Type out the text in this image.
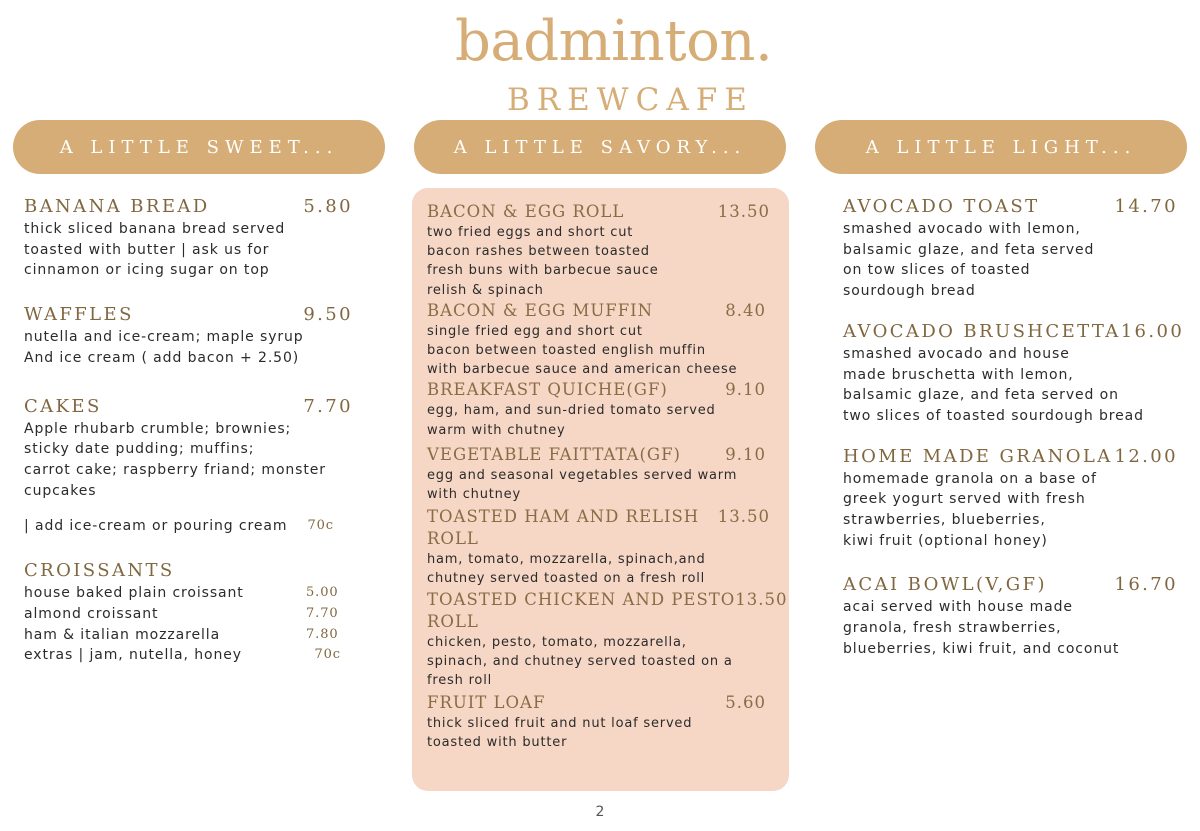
badminton.
BREWCAFE
A LITTLE SWEET...	A LITTLE SAVORY...	A LITTLE LIGHT...
BANANA BREAD	5.80
thick sliced banana bread served
toasted with butter | ask us for
cinnamon or icing sugar on top
WAFFLES	9.50
nutella and ice-cream; maple syrup
And ice cream ( add bacon + 2.50)
CAKES	7.70
Apple rhubarb crumble; brownies;
sticky date pudding; muffins;
carrot cake; raspberry friand; monster
cupcakes
| add ice-cream or pouring cream 70c
CROISSANTS
house baked plain croissant	5.00
almond croissant	7.70
ham & italian mozzarella	7.80
extras | jam, nutella, honey	70c
BACON & EGG ROLL	13.50
two fried eggs and short cut
bacon rashes between toasted
fresh buns with barbecue sauce
relish & spinach
BACON & EGG MUFFIN	8.40
single fried egg and short cut
bacon between toasted english muffin
with barbecue sauce and american cheese
BREAKFAST QUICHE(GF)	9.10
egg, ham, and sun-dried tomato served
warm with chutney
VEGETABLE FAITTATA(GF)	9.10
egg and seasonal vegetables served warm
with chutney
TOASTED HAM AND RELISH 13.50
ROLL
ham, tomato, mozzarella, spinach,and
chutney served toasted on a fresh roll
TOASTED CHICKEN AND PESTO 13.50
ROLL
chicken, pesto, tomato, mozzarella,
spinach, and chutney served toasted on a
fresh roll
FRUIT LOAF	5.60
thick sliced fruit and nut loaf served
toasted with butter
AVOCADO TOAST	14.70
smashed avocado with lemon,
balsamic glaze, and feta served
on tow slices of toasted
sourdough bread
AVOCADO BRUSHCETTA 16.00
smashed avocado and house
made bruschetta with lemon,
balsamic glaze, and feta served on
two slices of toasted sourdough bread
HOME MADE GRANOLA 12.00
homemade granola on a base of
greek yogurt served with fresh
strawberries, blueberries,
kiwi fruit (optional honey)
ACAI BOWL(V,GF)	16.70
acai served with house made
granola, fresh strawberries,
blueberries, kiwi fruit, and coconut
2
